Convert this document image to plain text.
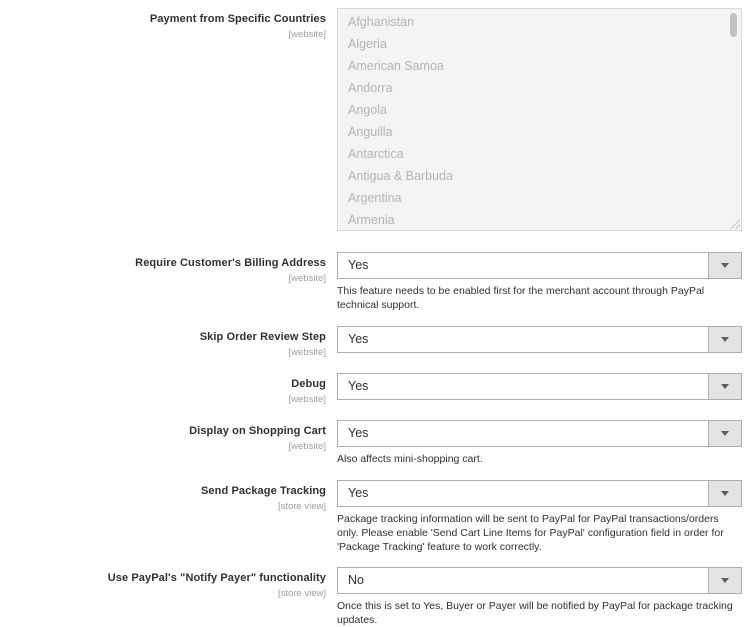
Payment from Specific Countries
[website]
Afghanistan
Algeria
American Samoa
Andorra
Angola
Anguilla
Antarctica
Antigua & Barbuda
Argentina
Armenia
Require Customer's Billing Address
[website]
Yes
This feature needs to be enabled first for the merchant account through PayPal technical support.
Skip Order Review Step
[website]
Yes
Debug
[website]
Yes
Display on Shopping Cart
[website]
Yes
Also affects mini-shopping cart.
Send Package Tracking
[store view]
Yes
Package tracking information will be sent to PayPal for PayPal transactions/orders only. Please enable 'Send Cart Line Items for PayPal' configuration field in order for 'Package Tracking' feature to work correctly.
Use PayPal's "Notify Payer" functionality
[store view]
No
Once this is set to Yes, Buyer or Payer will be notified by PayPal for package tracking updates.
